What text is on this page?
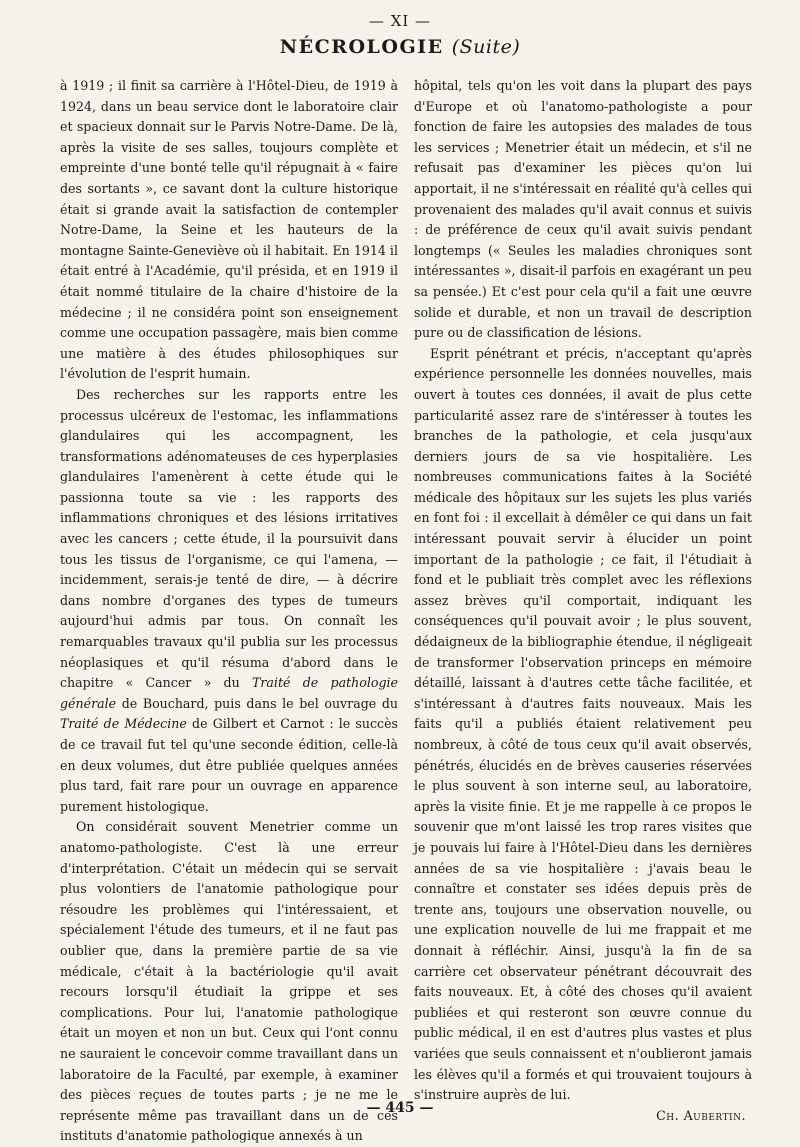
— XI —
NÉCROLOGIE (Suite)

à 1919 ; il finit sa carrière à l'Hôtel-Dieu, de 1919 à 1924, dans un beau service dont le laboratoire clair et spacieux donnait sur le Parvis Notre-Dame. De là, après la visite de ses salles, toujours complète et empreinte d'une bonté telle qu'il répugnait à « faire des sortants », ce savant dont la culture historique était si grande avait la satisfaction de contempler Notre-Dame, la Seine et les hauteurs de la montagne Sainte-Geneviève où il habitait. En 1914 il était entré à l'Académie, qu'il présida, et en 1919 il était nommé titulaire de la chaire d'histoire de la médecine ; il ne considéra point son enseignement comme une occupation passagère, mais bien comme une matière à des études philosophiques sur l'évolution de l'esprit humain.

Des recherches sur les rapports entre les processus ulcéreux de l'estomac, les inflammations glandulaires qui les accompagnent, les transformations adénomateuses de ces hyperplasies glandulaires l'amenèrent à cette étude qui le passionna toute sa vie : les rapports des inflammations chroniques et des lésions irritatives avec les cancers ; cette étude, il la poursuivit dans tous les tissus de l'organisme, ce qui l'amena, — incidemment, serais-je tenté de dire, — à décrire dans nombre d'organes des types de tumeurs aujourd'hui admis par tous. On connaît les remarquables travaux qu'il publia sur les processus néoplasiques et qu'il résuma d'abord dans le chapitre « Cancer » du Traité de pathologie générale de Bouchard, puis dans le bel ouvrage du Traité de Médecine de Gilbert et Carnot : le succès de ce travail fut tel qu'une seconde édition, celle-là en deux volumes, dut être publiée quelques années plus tard, fait rare pour un ouvrage en apparence purement histologique.

On considérait souvent Menetrier comme un anatomo-pathologiste. C'est là une erreur d'interprétation. C'était un médecin qui se servait plus volontiers de l'anatomie pathologique pour résoudre les problèmes qui l'intéressaient, et spécialement l'étude des tumeurs, et il ne faut pas oublier que, dans la première partie de sa vie médicale, c'était à la bactériologie qu'il avait recours lorsqu'il étudiait la grippe et ses complications. Pour lui, l'anatomie pathologique était un moyen et non un but. Ceux qui l'ont connu ne sauraient le concevoir comme travaillant dans un laboratoire de la Faculté, par exemple, à examiner des pièces reçues de toutes parts ; je ne me le représente même pas travaillant dans un de ces instituts d'anatomie pathologique annexés à un

hôpital, tels qu'on les voit dans la plupart des pays d'Europe et où l'anatomo-pathologiste a pour fonction de faire les autopsies des malades de tous les services ; Menetrier était un médecin, et s'il ne refusait pas d'examiner les pièces qu'on lui apportait, il ne s'intéressait en réalité qu'à celles qui provenaient des malades qu'il avait connus et suivis : de préférence de ceux qu'il avait suivis pendant longtemps (« Seules les maladies chroniques sont intéressantes », disait-il parfois en exagérant un peu sa pensée.) Et c'est pour cela qu'il a fait une œuvre solide et durable, et non un travail de description pure ou de classification de lésions.

Esprit pénétrant et précis, n'acceptant qu'après expérience personnelle les données nouvelles, mais ouvert à toutes ces données, il avait de plus cette particularité assez rare de s'intéresser à toutes les branches de la pathologie, et cela jusqu'aux derniers jours de sa vie hospitalière. Les nombreuses communications faites à la Société médicale des hôpitaux sur les sujets les plus variés en font foi : il excellait à démêler ce qui dans un fait intéressant pouvait servir à élucider un point important de la pathologie ; ce fait, il l'étudiait à fond et le publiait très complet avec les réflexions assez brèves qu'il comportait, indiquant les conséquences qu'il pouvait avoir ; le plus souvent, dédaigneux de la bibliographie étendue, il négligeait de transformer l'observation princeps en mémoire détaillé, laissant à d'autres cette tâche facilitée, et s'intéressant à d'autres faits nouveaux. Mais les faits qu'il a publiés étaient relativement peu nombreux, à côté de tous ceux qu'il avait observés, pénétrés, élucidés en de brèves causeries réservées le plus souvent à son interne seul, au laboratoire, après la visite finie. Et je me rappelle à ce propos le souvenir que m'ont laissé les trop rares visites que je pouvais lui faire à l'Hôtel-Dieu dans les dernières années de sa vie hospitalière : j'avais beau le connaître et constater ses idées depuis près de trente ans, toujours une observation nouvelle, ou une explication nouvelle de lui me frappait et me donnait à réfléchir. Ainsi, jusqu'à la fin de sa carrière cet observateur pénétrant découvrait des faits nouveaux. Et, à côté des choses qu'il avaient publiées et qui resteront son œuvre connue du public médical, il en est d'autres plus vastes et plus variées que seuls connaissent et n'oublieront jamais les élèves qu'il a formés et qui trouvaient toujours à s'instruire auprès de lui.

Ch. Aubertin.

— 445 —
